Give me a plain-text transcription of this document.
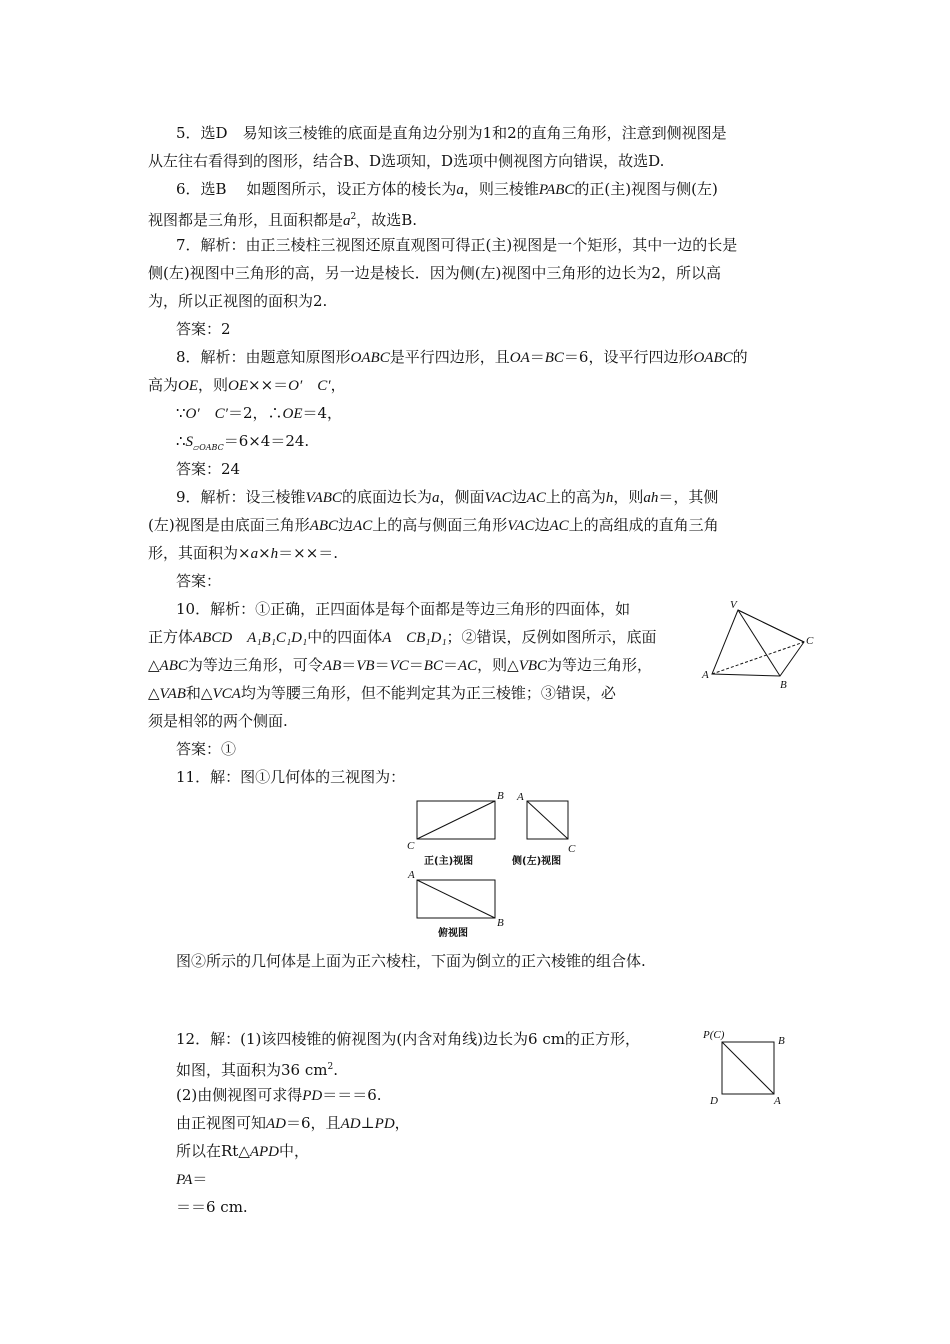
5．选D　易知该三棱锥的底面是直角边分别为1和2的直角三角形，注意到侧视图是
从左往右看得到的图形，结合B、D选项知，D选项中侧视图方向错误，故选D.
6．选B　 如题图所示，设正方体的棱长为a，则三棱锥PABC的正(主)视图与侧(左)
视图都是三角形，且面积都是$a^2$，故选B.
7．解析：由正三棱柱三视图还原直观图可得正(主)视图是一个矩形，其中一边的长是
侧(左)视图中三角形的高，另一边是棱长．因为侧(左)视图中三角形的边长为2，所以高
为，所以正视图的面积为2.
答案：2
8．解析：由题意知原图形OABC是平行四边形，且OA＝BC＝6，设平行四边形OABC的
高为OE，则OE××＝O′　C′，
∵O′　C′＝2，∴OE＝4，
$\therefore S_{▱OABC}=6\times 4=24$.
答案：24
9．解析：设三棱锥VABC的底面边长为a，侧面VAC边AC上的高为h，则ah＝，其侧
(左)视图是由底面三角形ABC边AC上的高与侧面三角形VAC边AC上的高组成的直角三角
形，其面积为×a×h＝××＝.
答案：
10．解析：①正确，正四面体是每个面都是等边三角形的四面体，如
正方体ABCD　A₁B₁C₁D₁中的四面体A　CB₁D₁；②错误，反例如图所示，底面
△ABC为等边三角形，可令AB＝VB＝VC＝BC＝AC，则△VBC为等边三角形，
△VAB和△VCA均为等腰三角形，但不能判定其为正三棱锥；③错误，必
须是相邻的两个侧面.
答案：①
V
A
B
C
11．解：图①几何体的三视图为：
B
C
正(主)视图
A
C
侧(左)视图
A
B
俯视图
图②所示的几何体是上面为正六棱柱，下面为倒立的正六棱锥的组合体.
12．解：(1)该四棱锥的俯视图为(内含对角线)边长为6 cm的正方形，
如图，其面积为36 $cm^2$.
(2)由侧视图可求得PD＝＝＝6.
由正视图可知AD＝6，且AD⊥PD，
所以在Rt△APD中，
PA＝
＝＝6 cm.
P(C)	B
D	A
